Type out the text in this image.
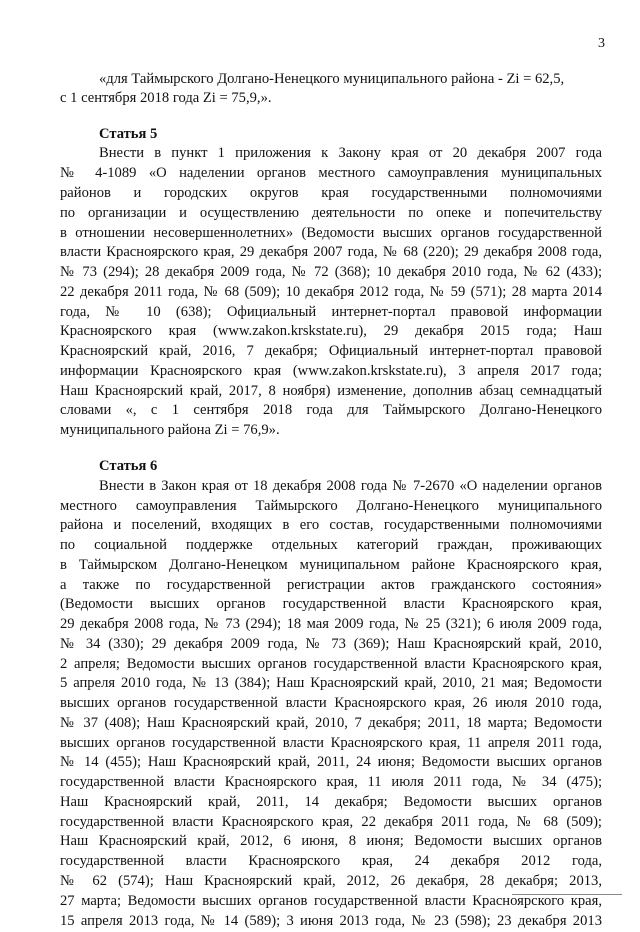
3
«для Таймырского Долгано-Ненецкого муниципального района - Zi = 62,5,
с 1 сентября 2018 года Zi = 75,9,».
Статья 5
Внести в пункт 1 приложения к Закону края от 20 декабря 2007 года
№ 4-1089 «О наделении органов местного самоуправления муниципальных
районов и городских округов края государственными полномочиями
по организации и осуществлению деятельности по опеке и попечительству
в отношении несовершеннолетних» (Ведомости высших органов государственной
власти Красноярского края, 29 декабря 2007 года, № 68 (220); 29 декабря 2008 года,
№ 73 (294); 28 декабря 2009 года, № 72 (368); 10 декабря 2010 года, № 62 (433);
22 декабря 2011 года, № 68 (509); 10 декабря 2012 года, № 59 (571); 28 марта 2014
года, № 10 (638); Официальный интернет-портал правовой информации
Красноярского края (www.zakon.krskstate.ru), 29 декабря 2015 года; Наш
Красноярский край, 2016, 7 декабря; Официальный интернет-портал правовой
информации Красноярского края (www.zakon.krskstate.ru), 3 апреля 2017 года;
Наш Красноярский край, 2017, 8 ноября) изменение, дополнив абзац семнадцатый
словами «, с 1 сентября 2018 года для Таймырского Долгано-Ненецкого
муниципального района Zi = 76,9».
Статья 6
Внести в Закон края от 18 декабря 2008 года № 7-2670 «О наделении органов
местного самоуправления Таймырского Долгано-Ненецкого муниципального
района и поселений, входящих в его состав, государственными полномочиями
по социальной поддержке отдельных категорий граждан, проживающих
в Таймырском Долгано-Ненецком муниципальном районе Красноярского края,
а также по государственной регистрации актов гражданского состояния»
(Ведомости высших органов государственной власти Красноярского края,
29 декабря 2008 года, № 73 (294); 18 мая 2009 года, № 25 (321); 6 июля 2009 года,
№ 34 (330); 29 декабря 2009 года, № 73 (369); Наш Красноярский край, 2010,
2 апреля; Ведомости высших органов государственной власти Красноярского края,
5 апреля 2010 года, № 13 (384); Наш Красноярский край, 2010, 21 мая; Ведомости
высших органов государственной власти Красноярского края, 26 июля 2010 года,
№ 37 (408); Наш Красноярский край, 2010, 7 декабря; 2011, 18 марта; Ведомости
высших органов государственной власти Красноярского края, 11 апреля 2011 года,
№ 14 (455); Наш Красноярский край, 2011, 24 июня; Ведомости высших органов
государственной власти Красноярского края, 11 июля 2011 года, № 34 (475);
Наш Красноярский край, 2011, 14 декабря; Ведомости высших органов
государственной власти Красноярского края, 22 декабря 2011 года, № 68 (509);
Наш Красноярский край, 2012, 6 июня, 8 июня; Ведомости высших органов
государственной власти Красноярского края, 24 декабря 2012 года,
№ 62 (574); Наш Красноярский край, 2012, 26 декабря, 28 декабря; 2013,
27 марта; Ведомости высших органов государственной власти Красноярского края,
15 апреля 2013 года, № 14 (589); 3 июня 2013 года, № 23 (598); 23 декабря 2013
